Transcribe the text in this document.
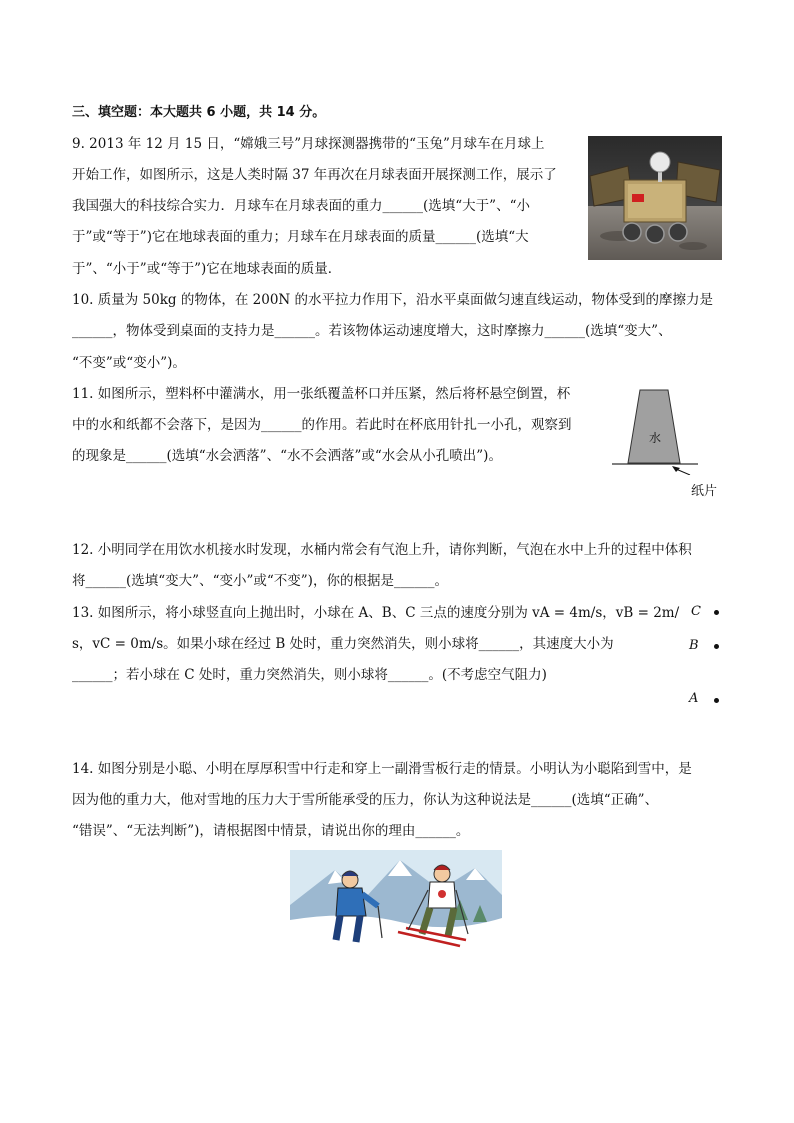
三、填空题：本大题共 6 小题，共 14 分。
9. 2013 年 12 月 15 日，“嫦娥三号”月球探测器携带的“玉兔”月球车在月球上
开始工作，如图所示，这是人类时隔 37 年再次在月球表面开展探测工作，展示了
我国强大的科技综合实力．月球车在月球表面的重力______(选填“大于”、“小
于”或“等于”)它在地球表面的重力；月球车在月球表面的质量______(选填“大
于”、“小于”或“等于”)它在地球表面的质量．
10. 质量为 50kg 的物体，在 200N 的水平拉力作用下，沿水平桌面做匀速直线运动，物体受到的摩擦力是
______，物体受到桌面的支持力是______。若该物体运动速度增大，这时摩擦力______(选填“变大”、
“不变”或“变小”)。
11. 如图所示，塑料杯中灌满水，用一张纸覆盖杯口并压紧，然后将杯悬空倒置，杯
中的水和纸都不会落下，是因为______的作用。若此时在杯底用针扎一小孔，观察到
的现象是______(选填“水会洒落”、“水不会洒落”或“水会从小孔喷出”)。
水
纸片
12. 小明同学在用饮水机接水时发现，水桶内常会有气泡上升，请你判断，气泡在水中上升的过程中体积
将______(选填“变大”、“变小”或“不变”)，你的根据是______。
13. 如图所示，将小球竖直向上抛出时，小球在 A、B、C 三点的速度分别为 vA = 4m/s，vB = 2m/
s，vC = 0m/s。如果小球在经过 B 处时，重力突然消失，则小球将______，其速度大小为
______；若小球在 C 处时，重力突然消失，则小球将______。(不考虑空气阻力)
C
B
A
14. 如图分别是小聪、小明在厚厚积雪中行走和穿上一副滑雪板行走的情景。小明认为小聪陷到雪中，是
因为他的重力大，他对雪地的压力大于雪所能承受的压力，你认为这种说法是______(选填“正确”、
“错误”、“无法判断”)，请根据图中情景，请说出你的理由______。
